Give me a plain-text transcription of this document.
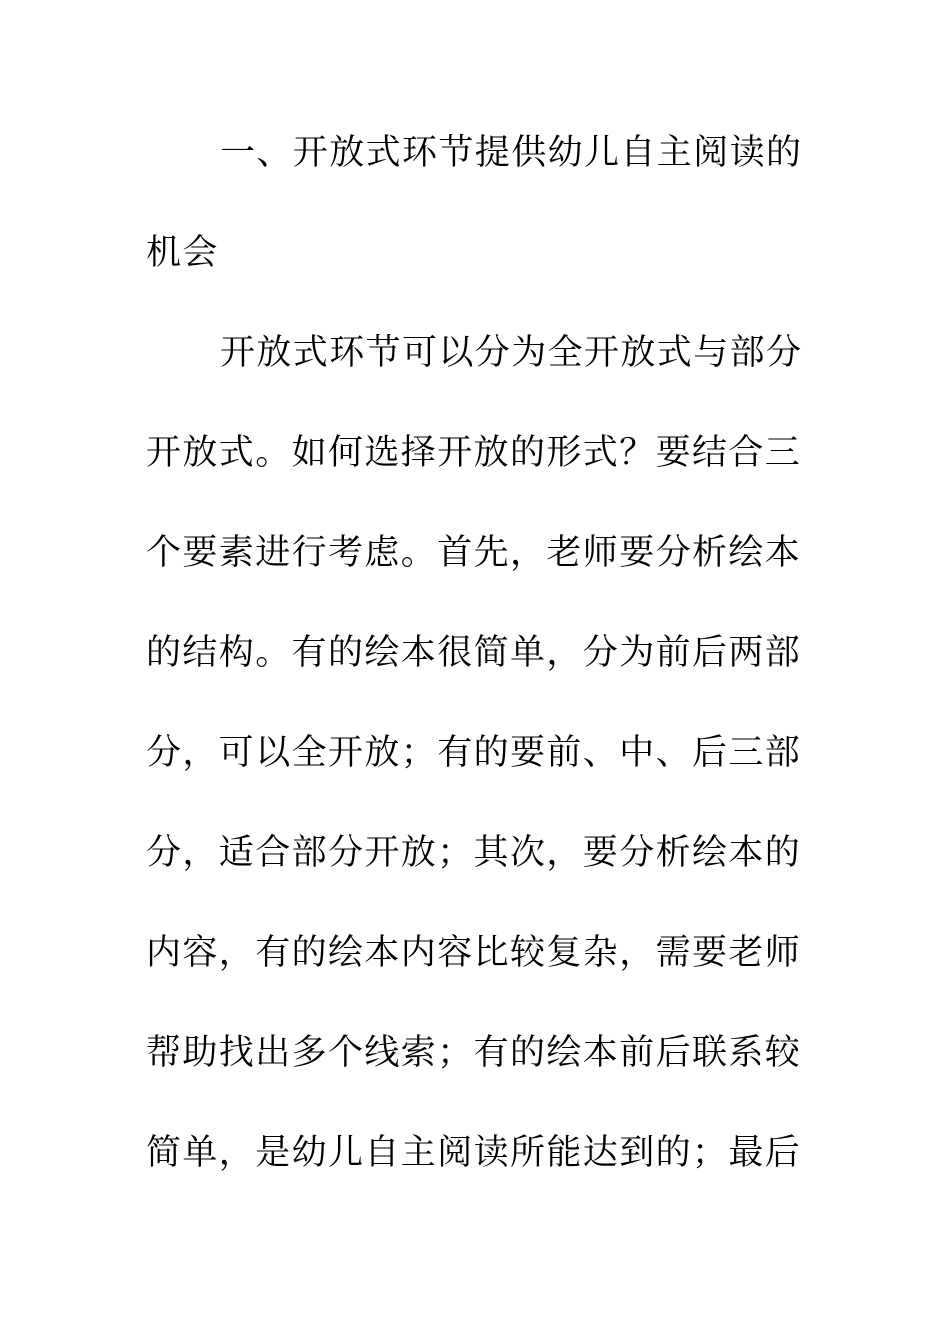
一、开放式环节提供幼儿自主阅读的
机会
开放式环节可以分为全开放式与部分
开放式。如何选择开放的形式？要结合三
个要素进行考虑。首先，老师要分析绘本
的结构。有的绘本很简单，分为前后两部
分，可以全开放；有的要前、中、后三部
分，适合部分开放；其次，要分析绘本的
内容，有的绘本内容比较复杂，需要老师
帮助找出多个线索；有的绘本前后联系较
简单，是幼儿自主阅读所能达到的；最后
